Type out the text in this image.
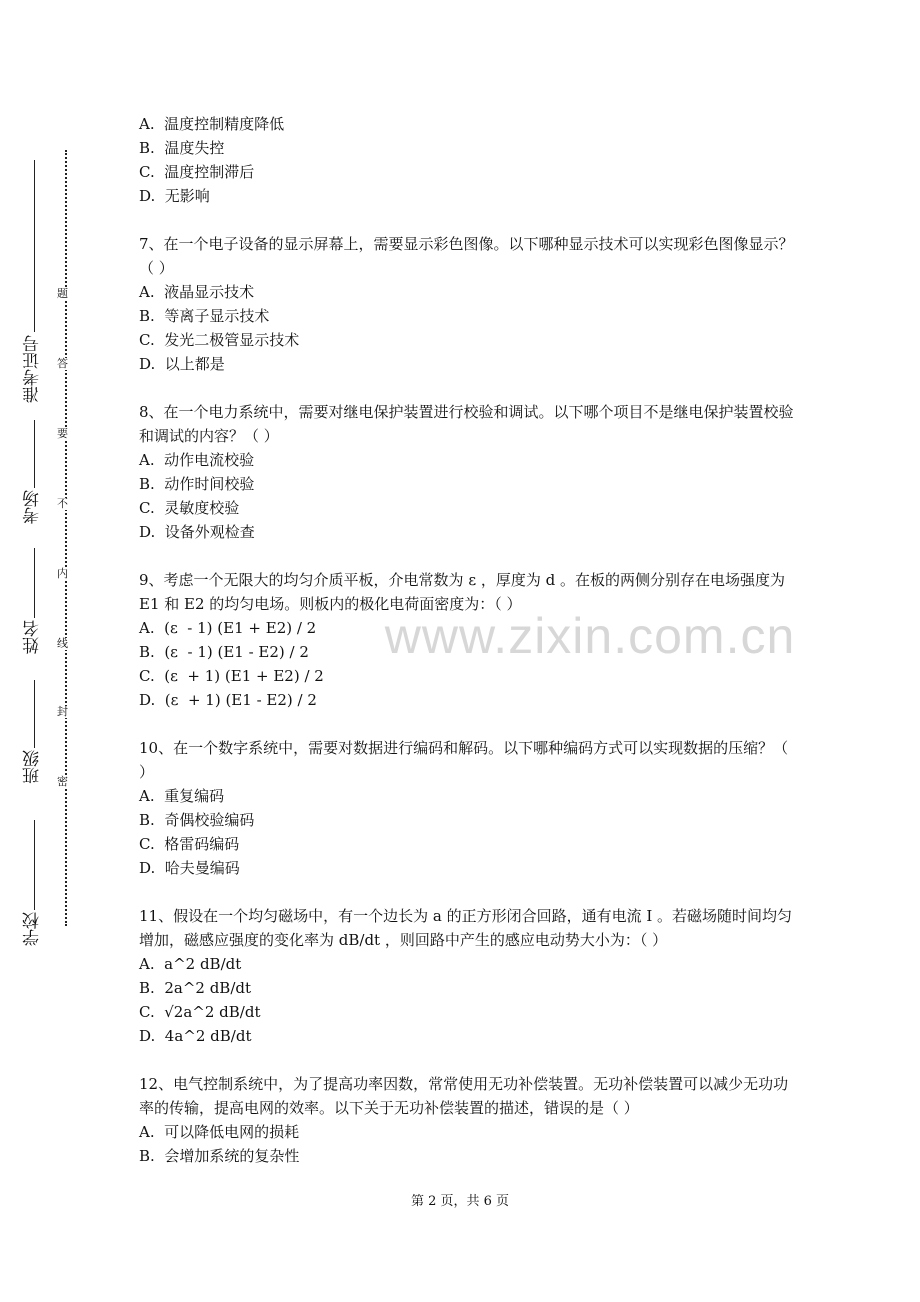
题
答
要
不
内
线
封
密
准考证号
考场
姓名
班级
学校
www.zixin.com.cn
A.  温度控制精度降低
B.  温度失控
C.  温度控制滞后
D.  无影响
7、在一个电子设备的显示屏幕上，需要显示彩色图像。以下哪种显示技术可以实现彩色图像显示？（ ）
A.  液晶显示技术
B.  等离子显示技术
C.  发光二极管显示技术
D.  以上都是
8、在一个电力系统中，需要对继电保护装置进行校验和调试。以下哪个项目不是继电保护装置校验和调试的内容？（ ）
A.  动作电流校验
B.  动作时间校验
C.  灵敏度校验
D.  设备外观检查
9、考虑一个无限大的均匀介质平板，介电常数为 ε ，厚度为 d 。在板的两侧分别存在电场强度为 E1 和 E2 的均匀电场。则板内的极化电荷面密度为：（ ）
A.  (ε  - 1) (E1 + E2) / 2
B.  (ε  - 1) (E1 - E2) / 2
C.  (ε  + 1) (E1 + E2) / 2
D.  (ε  + 1) (E1 - E2) / 2
10、在一个数字系统中，需要对数据进行编码和解码。以下哪种编码方式可以实现数据的压缩？（ ）
A.  重复编码
B.  奇偶校验编码
C.  格雷码编码
D.  哈夫曼编码
11、假设在一个均匀磁场中，有一个边长为 a 的正方形闭合回路，通有电流 I 。若磁场随时间均匀增加，磁感应强度的变化率为 dB/dt ，则回路中产生的感应电动势大小为：（ ）
A.  a^2 dB/dt
B.  2a^2 dB/dt
C.  √2a^2 dB/dt
D.  4a^2 dB/dt
12、电气控制系统中，为了提高功率因数，常常使用无功补偿装置。无功补偿装置可以减少无功功率的传输，提高电网的效率。以下关于无功补偿装置的描述，错误的是（ ）
A.  可以降低电网的损耗
B.  会增加系统的复杂性
第 2 页，共 6 页
